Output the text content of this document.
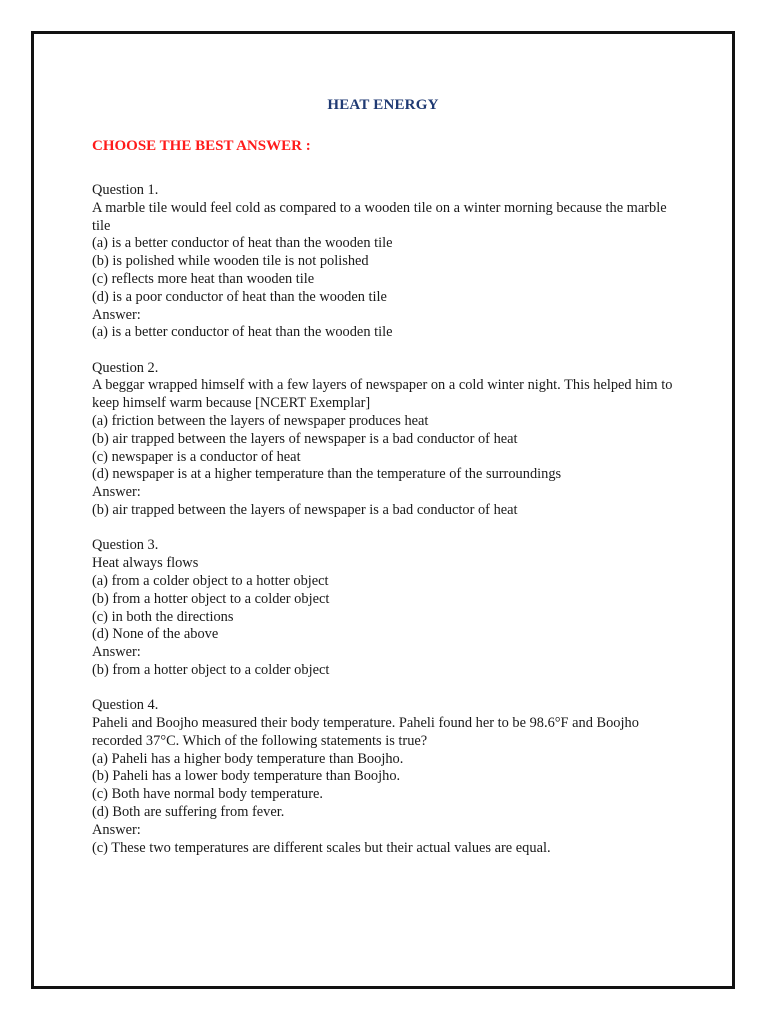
HEAT ENERGY
CHOOSE THE BEST ANSWER :
Question 1.
A marble tile would feel cold as compared to a wooden tile on a winter morning because the marble tile
(a) is a better conductor of heat than the wooden tile
(b) is polished while wooden tile is not polished
(c) reflects more heat than wooden tile
(d) is a poor conductor of heat than the wooden tile
Answer:
(a) is a better conductor of heat than the wooden tile
Question 2.
A beggar wrapped himself with a few layers of newspaper on a cold winter night. This helped him to keep himself warm because [NCERT Exemplar]
(a) friction between the layers of newspaper produces heat
(b) air trapped between the layers of newspaper is a bad conductor of heat
(c) newspaper is a conductor of heat
(d) newspaper is at a higher temperature than the temperature of the surroundings
Answer:
(b) air trapped between the layers of newspaper is a bad conductor of heat
Question 3.
Heat always flows
(a) from a colder object to a hotter object
(b) from a hotter object to a colder object
(c) in both the directions
(d) None of the above
Answer:
(b) from a hotter object to a colder object
Question 4.
Paheli and Boojho measured their body temperature. Paheli found her to be 98.6°F and Boojho recorded 37°C. Which of the following statements is true?
(a) Paheli has a higher body temperature than Boojho.
(b) Paheli has a lower body temperature than Boojho.
(c) Both have normal body temperature.
(d) Both are suffering from fever.
Answer:
(c) These two temperatures are different scales but their actual values are equal.
